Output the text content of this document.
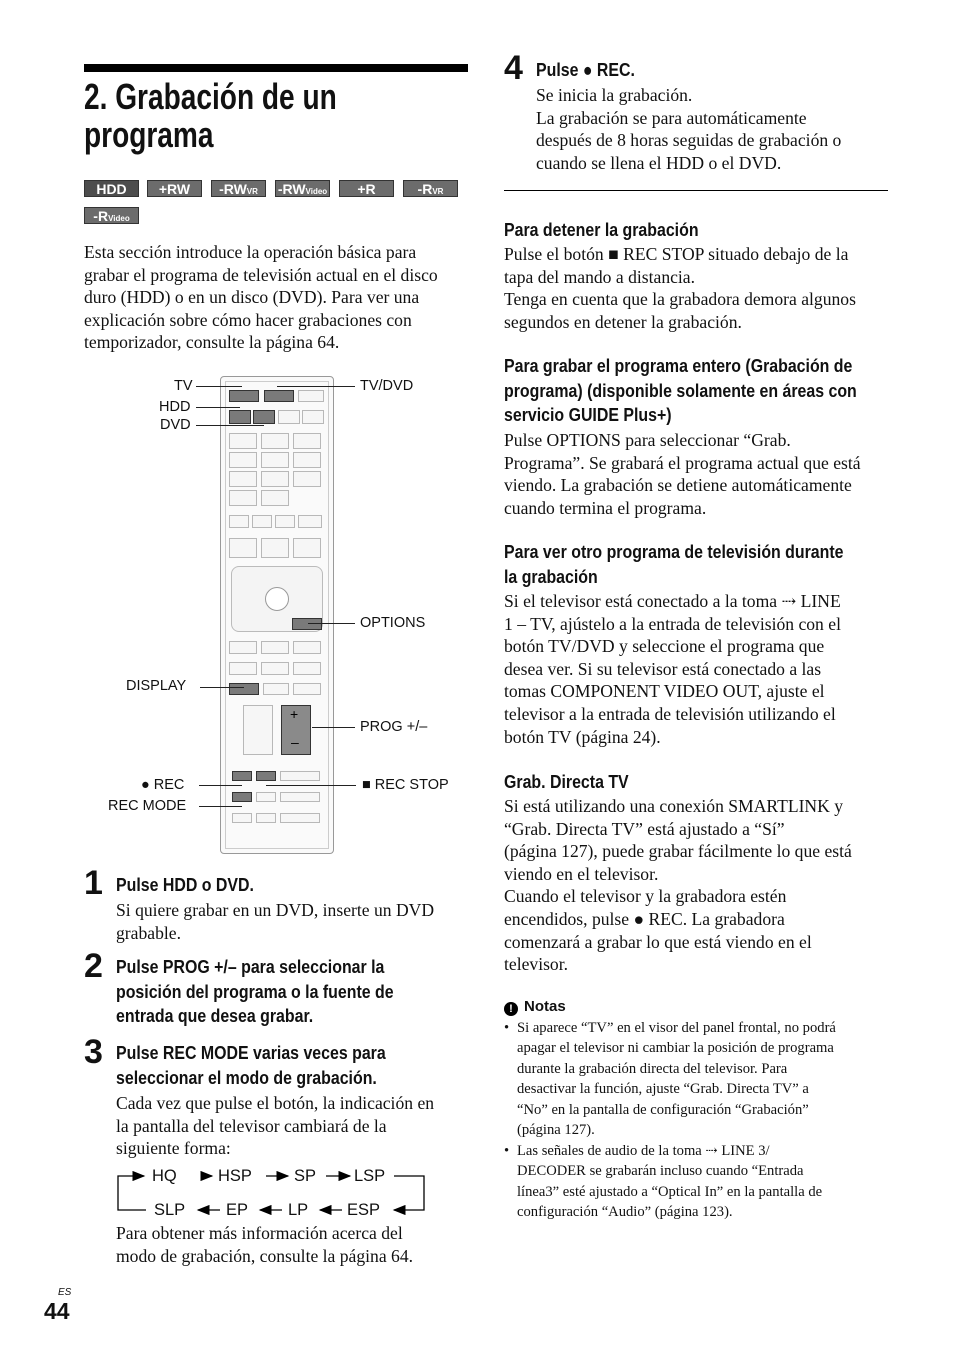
2. Grabación de un
programa
HDD	+RW	-RWVR	-RWVideo	+R	-RVR
-RVideo
Esta sección introduce la operación básica para
grabar el programa de televisión actual en el disco
duro (HDD) o en un disco (DVD). Para ver una
explicación sobre cómo hacer grabaciones con
temporizador, consulte la página 64.
+
–
TV
HDD
DVD
TV/DVD
OPTIONS
DISPLAY
PROG +/–
● REC
REC MODE
■ REC STOP
1 Pulse HDD o DVD.
Si quiere grabar en un DVD, inserte un DVD
grabable.
2 Pulse PROG +/– para seleccionar la
posición del programa o la fuente de
entrada que desea grabar.
3 Pulse REC MODE varias veces para
seleccionar el modo de grabación.
Cada vez que pulse el botón, la indicación en
la pantalla del televisor cambiará de la
siguiente forma:
HQ	HSP	SP LSP
SLP EP LP ESP
Para obtener más información acerca del
modo de grabación, consulte la página 64.
ES
44
4 Pulse ● REC.
Se inicia la grabación.
La grabación se para automáticamente
después de 8 horas seguidas de grabación o
cuando se llena el HDD o el DVD.
Para detener la grabación
Pulse el botón ■ REC STOP situado debajo de la
tapa del mando a distancia.
Tenga en cuenta que la grabadora demora algunos
segundos en detener la grabación.
Para grabar el programa entero (Grabación de
programa) (disponible solamente en áreas con
servicio GUIDE Plus+)
Pulse OPTIONS para seleccionar “Grab.
Programa”. Se grabará el programa actual que está
viendo. La grabación se detiene automáticamente
cuando termina el programa.
Para ver otro programa de televisión durante
la grabación
Si el televisor está conectado a la toma ⇢ LINE
1 – TV, ajústelo a la entrada de televisión con el
botón TV/DVD y seleccione el programa que
desea ver. Si su televisor está conectado a las
tomas COMPONENT VIDEO OUT, ajuste el
televisor a la entrada de televisión utilizando el
botón TV (página 24).
Grab. Directa TV
Si está utilizando una conexión SMARTLINK y
“Grab. Directa TV” está ajustado a “Sí”
(página 127), puede grabar fácilmente lo que está
viendo en el televisor.
Cuando el televisor y la grabadora estén
encendidos, pulse ● REC. La grabadora
comenzará a grabar lo que está viendo en el
televisor.
! Notas
• Si aparece “TV” en el visor del panel frontal, no podrá
apagar el televisor ni cambiar la posición de programa
durante la grabación directa del televisor. Para
desactivar la función, ajuste “Grab. Directa TV” a
“No” en la pantalla de configuración “Grabación”
(página 127).
• Las señales de audio de la toma ⇢ LINE 3/
DECODER se grabarán incluso cuando “Entrada
línea3” esté ajustado a “Optical In” en la pantalla de
configuración “Audio” (página 123).
